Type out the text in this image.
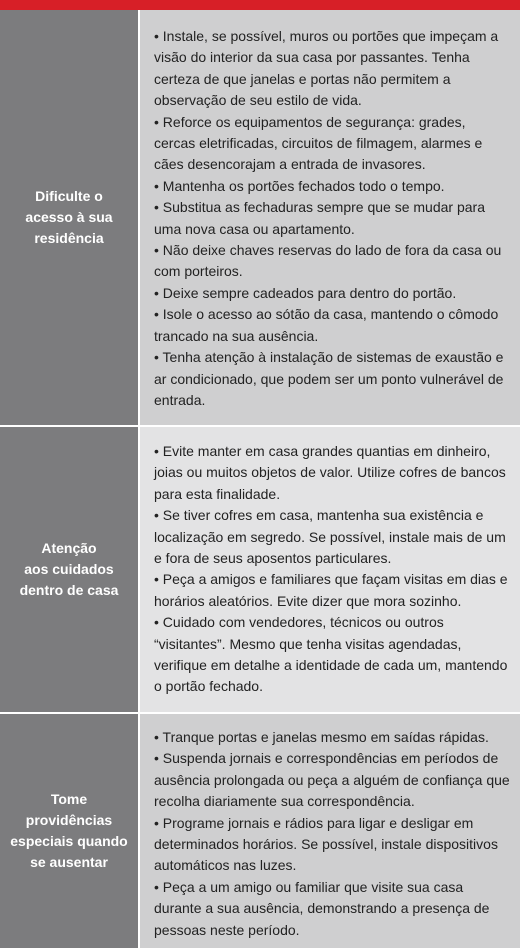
Dificulte o
acesso à sua
residência
• Instale, se possível, muros ou portões que impeçam a visão do interior da sua casa por passantes. Tenha certeza de que janelas e portas não permitem a observação de seu estilo de vida.
• Reforce os equipamentos de segurança: grades, cercas eletrificadas, circuitos de filmagem, alarmes e cães desencorajam a entrada de invasores.
• Mantenha os portões fechados todo o tempo.
• Substitua as fechaduras sempre que se mudar para uma nova casa ou apartamento.
• Não deixe chaves reservas do lado de fora da casa ou com porteiros.
• Deixe sempre cadeados para dentro do portão.
• Isole o acesso ao sótão da casa, mantendo o cômodo trancado na sua ausência.
• Tenha atenção à instalação de sistemas de exaustão e ar condicionado, que podem ser um ponto vulnerável de entrada.
Atenção
aos cuidados
dentro de casa
• Evite manter em casa grandes quantias em dinheiro, joias ou muitos objetos de valor. Utilize cofres de bancos para esta finalidade.
• Se tiver cofres em casa, mantenha sua existência e localização em segredo. Se possível, instale mais de um e fora de seus aposentos particulares.
• Peça a amigos e familiares que façam visitas em dias e horários aleatórios. Evite dizer que mora sozinho.
• Cuidado com vendedores, técnicos ou outros “visitantes”. Mesmo que tenha visitas agendadas, verifique em detalhe a identidade de cada um, mantendo o portão fechado.
Tome
providências
especiais quando
se ausentar
• Tranque portas e janelas mesmo em saídas rápidas.
• Suspenda jornais e correspondências em períodos de ausência prolongada ou peça a alguém de confiança que recolha diariamente sua correspondência.
• Programe jornais e rádios para ligar e desligar em determinados horários. Se possível, instale dispositivos automáticos nas luzes.
• Peça a um amigo ou familiar que visite sua casa durante a sua ausência, demonstrando a presença de pessoas neste período.
